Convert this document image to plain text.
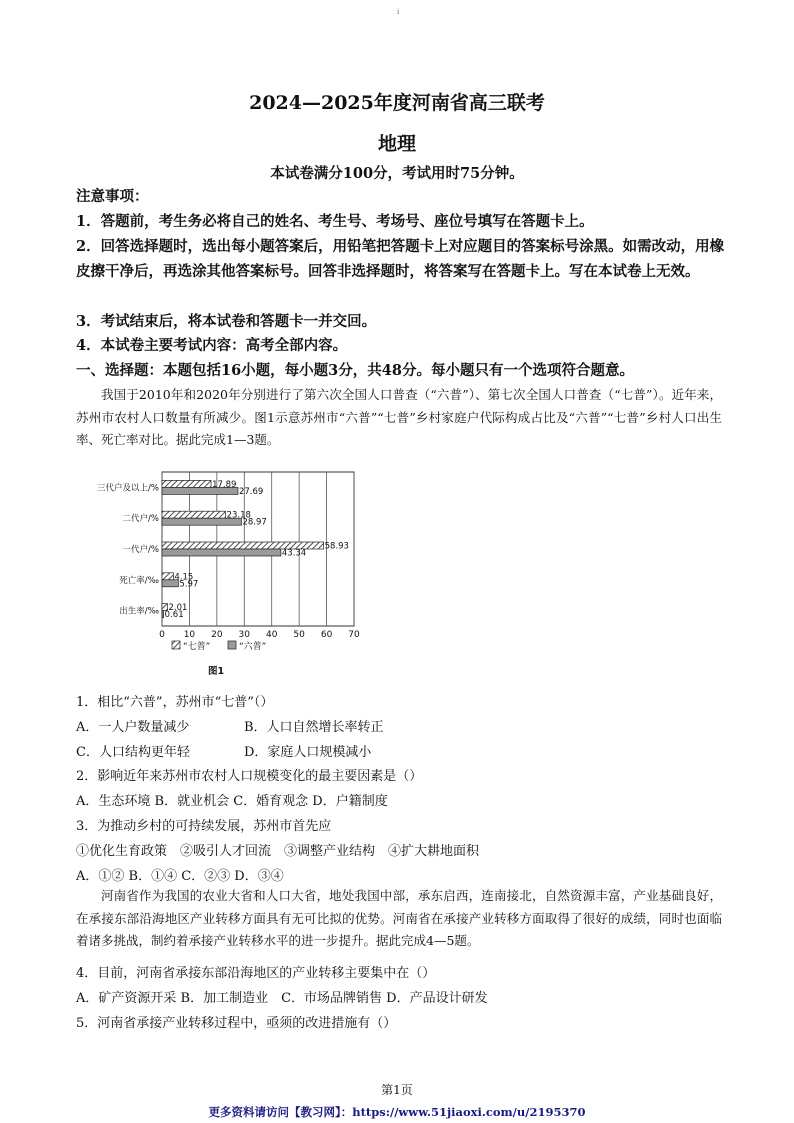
i
2024—2025年度河南省高三联考
地理
本试卷满分100分，考试用时75分钟。
注意事项：
1．答题前，考生务必将自己的姓名、考生号、考场号、座位号填写在答题卡上。
2．回答选择题时，选出每小题答案后，用铅笔把答题卡上对应题目的答案标号涂黑。如需改动，用橡皮擦干净后，再选涂其他答案标号。回答非选择题时，将答案写在答题卡上。写在本试卷上无效。
3．考试结束后，将本试卷和答题卡一并交回。
4．本试卷主要考试内容：高考全部内容。
一、选择题：本题包括16小题，每小题3分，共48分。每小题只有一个选项符合题意。
我国于2010年和2020年分别进行了第六次全国人口普查（“六普”）、第七次全国人口普查（“七普”）。近年来，苏州市农村人口数量有所减少。图1示意苏州市“六普”“七普”乡村家庭户代际构成占比及“六普”“七普”乡村人口出生率、死亡率对比。据此完成1—3题。
0 10 20 30 40 50 60 70
三代户及以上/%	17.89
27.69
二代户/%	23.18
28.97
一代户/%	58.93
43.34
死亡率/‰ 4.15
5.97
出生率/‰ 2.01
0.61
“七普”	“六普”
图1
1．相比“六普”，苏州市“七普”（）
A．一人户数量减少	B．人口自然增长率转正
C．人口结构更年轻	D．家庭人口规模减小
2．影响近年来苏州市农村人口规模变化的最主要因素是（）
A．生态环境 B．就业机会 C．婚育观念 D．户籍制度
3．为推动乡村的可持续发展，苏州市首先应
①优化生育政策　②吸引人才回流　③调整产业结构　④扩大耕地面积
A．①② B．①④ C．②③ D．③④
河南省作为我国的农业大省和人口大省，地处我国中部，承东启西，连南接北，自然资源丰富，产业基础良好，在承接东部沿海地区产业转移方面具有无可比拟的优势。河南省在承接产业转移方面取得了很好的成绩，同时也面临着诸多挑战，制约着承接产业转移水平的进一步提升。据此完成4—5题。
4．目前，河南省承接东部沿海地区的产业转移主要集中在（）
A．矿产资源开采 B．加工制造业　C．市场品牌销售 D．产品设计研发
5．河南省承接产业转移过程中，亟须的改进措施有（）
第1页
更多资料请访问【教习网】：https://www.51jiaoxi.com/u/2195370
